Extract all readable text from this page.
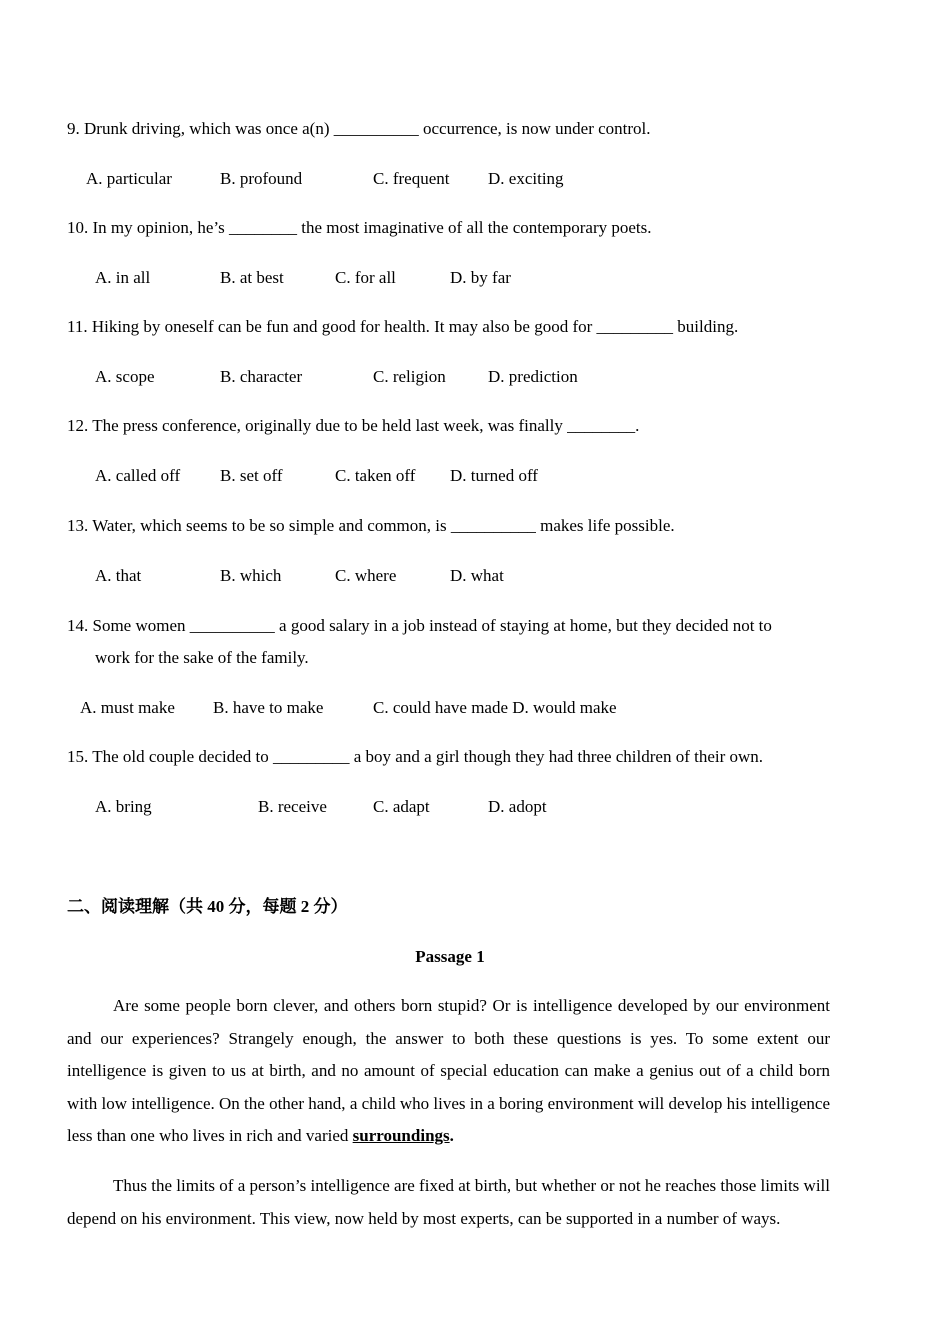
9. Drunk driving, which was once a(n) __________ occurrence, is now under control.
A. particular	B. profound	C. frequent D. exciting
10. In my opinion, he’s ________ the most imaginative of all the contemporary poets.
A. in all	B. at best	C. for all	D. by far
11. Hiking by oneself can be fun and good for health. It may also be good for _________ building.
A. scope	B. character	C. religion D. prediction
12. The press conference, originally due to be held last week, was finally ________.
A. called off B. set off	C. taken off D. turned off
13. Water, which seems to be so simple and common, is __________ makes life possible.
A. that	B. which	C. where	D. what
14. Some women __________ a good salary in a job instead of staying at home, but they decided not to
work for the sake of the family.
A. must make B. have to make	C. could have made D. would make
15. The old couple decided to _________ a boy and a girl though they had three children of their own.
A. bring	B. receive	C. adapt	D. adopt
二、阅读理解（共 40 分，每题 2 分）
Passage 1
Are some people born clever, and others born stupid? Or is intelligence developed by our environment and our experiences? Strangely enough, the answer to both these questions is yes. To some extent our intelligence is given to us at birth, and no amount of special education can make a genius out of a child born with low intelligence. On the other hand, a child who lives in a boring environment will develop his intelligence less than one who lives in rich and varied surroundings.
Thus the limits of a person’s intelligence are fixed at birth, but whether or not he reaches those limits will depend on his environment. This view, now held by most experts, can be supported in a number of ways.
